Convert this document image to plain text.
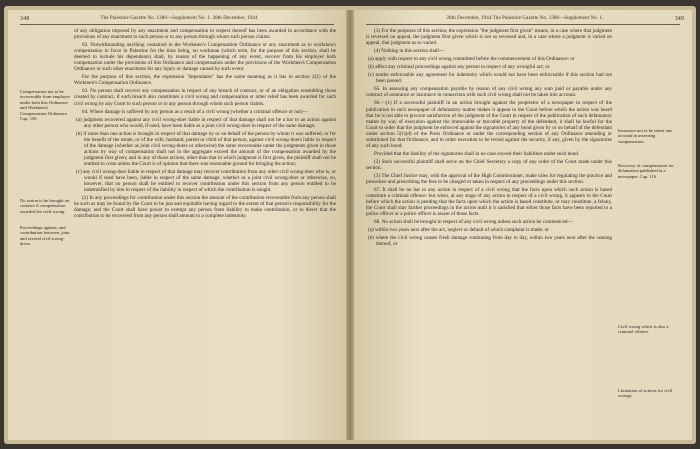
348	The Palestine Gazette No. 1380—Supplement No. 1. 28th December, 1944
Compensation not to be recoverable from employer under both this Ordinance and Workmen's Compensation Ordinance. Cap. 156.
No action to be brought on contract if compensation awarded for civil wrong.
Proceedings against, and contribution between, joint and several civil wrong-doers.

of any obligation imposed by any enactment and compensation in respect thereof has been awarded in accordance with the provisions of any enactment to such person or to any person through whom such person claims.

62. Notwithstanding anything contained in the Workmen's Compensation Ordinance or any enactment as to workmen's compensation in force in Palestine for the time being, no workman (which term, for the purpose of this section, shall be deemed to include his dependants) shall, by reason of the happening of any event, recover from his employer both compensation under the provisions of this Ordinance and compensation under the provisions of the Workmen's Compensation Ordinance or such other enactment for any injury or damage caused by such event.

For the purpose of this section, the expression "dependants" has the same meaning as it has in section 2(1) of the Workmen's Compensation Ordinance.

63. No person shall recover any compensation in respect of any breach of contract, or of an obligation resembling those created by contract, if such breach also constitutes a civil wrong and compensation or other relief has been awarded for such civil wrong by any Court to such person or to any person through whom such person claims.

64. Where damage is suffered by any person as a result of a civil wrong (whether a criminal offence or not)—

(a) judgment recovered against any civil wrong-doer liable in respect of that damage shall not be a bar to an action against any other person who would, if sued, have been liable as a joint civil wrong-doer in respect of the same damage;

(b) if more than one action is brought in respect of that damage by or on behalf of the person by whom it was suffered, or for the benefit of the estate, or of the wife, husband, parent or child of that person, against civil wrong-doers liable in respect of the damage (whether as joint civil wrong-doers or otherwise) the sums recoverable under the judgments given in those actions by way of compensation shall not in the aggregate exceed the amount of the compensation awarded by the judgment first given; and in any of those actions, other than that in which judgment is first given, the plaintiff shall not be entitled to costs unless the Court is of opinion that there was reasonable ground for bringing the action;

(c) any civil wrong-doer liable in respect of that damage may recover contribution from any other civil wrong-doer who is, or would if sued have been, liable in respect of the same damage, whether as a joint civil wrong-doer or otherwise, so, however, that no person shall be entitled to recover contribution under this section from any person entitled to be indemnified by him in respect of the liability in respect of which the contribution is sought.

(2) In any proceedings for contribution under this section the amount of the contribution recoverable from any person shall be such as may be found by the Court to be just and equitable having regard to the extent of that person's responsibility for the damage; and the Court shall have power to exempt any person from liability to make contribution, or to direct that the contribution to be recovered from any person shall amount to a complete indemnity.

28th December, 1944 The Palestine Gazette No. 1380—Supplement No. 1.	349
Insurance not to be taken into account in assessing compensation.
Recovery of compensation for defamation published in a newspaper. Cap. 116.
Civil wrong which is also a criminal offence.
Limitation of actions for civil wrongs.

(3) For the purposes of this section, the expression "the judgment first given" means, in a case where that judgment is reversed on appeal, the judgment first given which is not so reversed and, in a case where a judgment is varied on appeal, that judgment as so varied.

(4) Nothing in this section shall—

(a) apply with respect to any civil wrong committed before the commencement of this Ordinance; or

(b) affect any criminal proceedings against any person in respect of any wrongful act; or

(c) render enforceable any agreement for indemnity which would not have been enforceable if this section had not been passed.

65. In assessing any compensation payable by reason of any civil wrong any sum paid or payable under any contract of assurance or insurance in connection with such civil wrong shall not be taken into account.

66.—(1) If a successful plaintiff in an action brought against the proprietor of a newspaper in respect of the publication in such newspaper of defamatory matter makes it appear to the Court before which the action was heard that he is not able to procure satisfaction of the judgment of the Court in respect of the publication of such defamatory matter by way of execution against the immovable or movable property of the defendant, it shall be lawful for the Court to order that the judgment be enforced against the signatories of any bond given by or on behalf of the defendant under section 5(1)(d) of the Press Ordinance or under the corresponding section of any Ordinance amending or substituted for that Ordinance, and to order execution to be levied against the security, if any, given by the signatories of any such bond:

Provided that the liability of the signatories shall in no case exceed their liabilities under such bond.

(2) Such successful plaintiff shall serve on the Chief Secretary a copy of any order of the Court made under this section.

(3) The Chief Justice may, with the approval of the High Commissioner, make rules for regulating the practice and procedure and prescribing the fees to be charged or taken in respect of any proceedings under this section.

67. It shall be no bar to any action in respect of a civil wrong that the facts upon which such action is based constitute a criminal offence: but when, at any stage of any action in respect of a civil wrong, it appears to the Court before which the action is pending that the facts upon which the action is based constitute, or may constitute, a felony, the Court shall stay further proceedings in the action until it is satisfied that either those facts have been reported to a police officer or a police officer is aware of those facts.

68. No action shall be brought in respect of any civil wrong unless such action be commenced—

(a) within two years next after the act, neglect or default of which complaint is made; or

(b) where the civil wrong causes fresh damage continuing from day to day, within two years next after the ceasing thereof, or
